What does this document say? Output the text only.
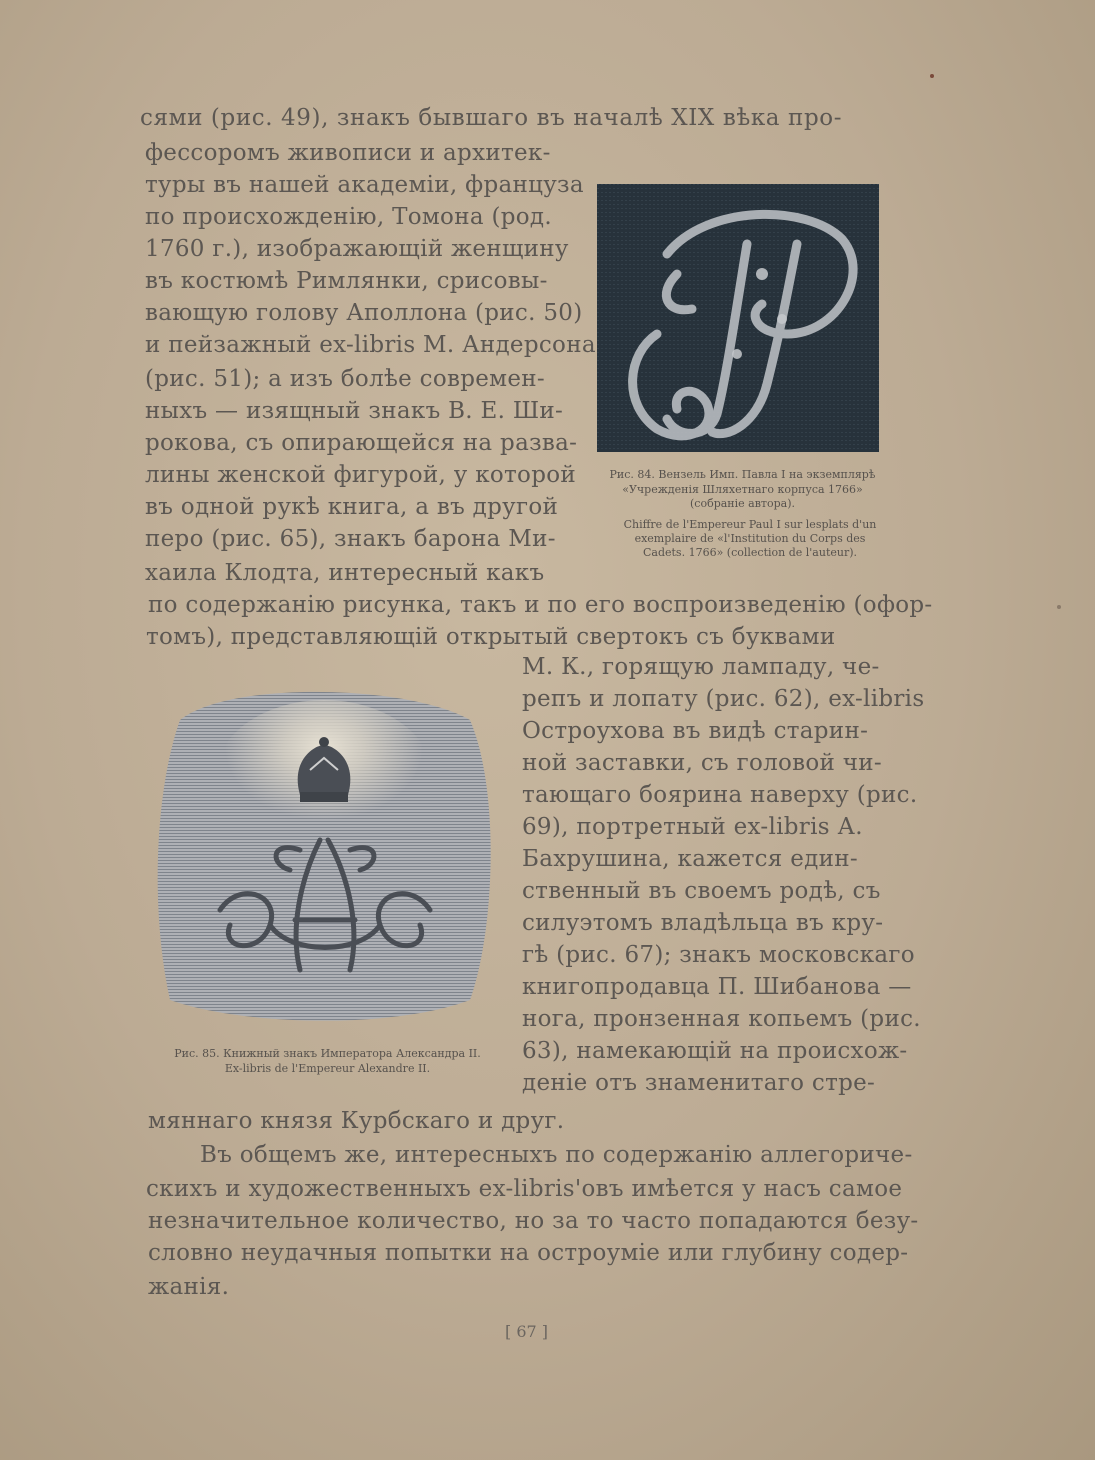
сями (рис. 49), знакъ бывшаго въ началѣ XIX вѣка про-
фессоромъ живописи и архитек-
туры въ нашей академіи, француза
по происхожденію, Томона (род.
1760 г.), изображающій женщину
въ костюмѣ Римлянки, срисовы-
вающую голову Аполлона (рис. 50)
и пейзажный ex-libris М. Андерсона
(рис. 51); а изъ болѣе современ-
ныхъ — изящный знакъ В. Е. Ши-
рокова, съ опирающейся на разва-
лины женской фигурой, у которой
въ одной рукѣ книга, а въ другой
перо (рис. 65), знакъ барона Ми-
хаила Клодта, интересный какъ
по содержанію рисунка, такъ и по его воспроизведенію (офор-
томъ), представляющій открытый свертокъ съ буквами
М. К., горящую лампаду, че-
репъ и лопату (рис. 62), ex-libris
Остроухова въ видѣ старин-
ной заставки, съ головой чи-
тающаго боярина наверху (рис.
69), портретный ex-libris А.
Бахрушина, кажется един-
ственный въ своемъ родѣ, съ
силуэтомъ владѣльца въ кру-
гѣ (рис. 67); знакъ московскаго
книгопродавца П. Шибанова —
нога, пронзенная копьемъ (рис.
63), намекающій на происхож-
деніе отъ знаменитаго стре-
мяннаго князя Курбскаго и друг.
Въ общемъ же, интересныхъ по содержанію аллегориче-
скихъ и художественныхъ ex-libris'овъ имѣется у насъ самое
незначительное количество, но за то часто попадаются безу-
словно неудачныя попытки на остроуміе или глубину содер-
жанія.
Рис. 84. Вензель Имп. Павла I на экземплярѣ
«Учрежденія Шляхетнаго корпуса 1766»
(собраніе автора).
Chiffre de l'Empereur Paul I sur lesplats d'un
exemplaire de «l'Institution du Corps des
Cadets. 1766» (collection de l'auteur).
Рис. 85. Книжный знакъ Императора Александра II.
Ex-libris de l'Empereur Alexandre II.
[ 67 ]
